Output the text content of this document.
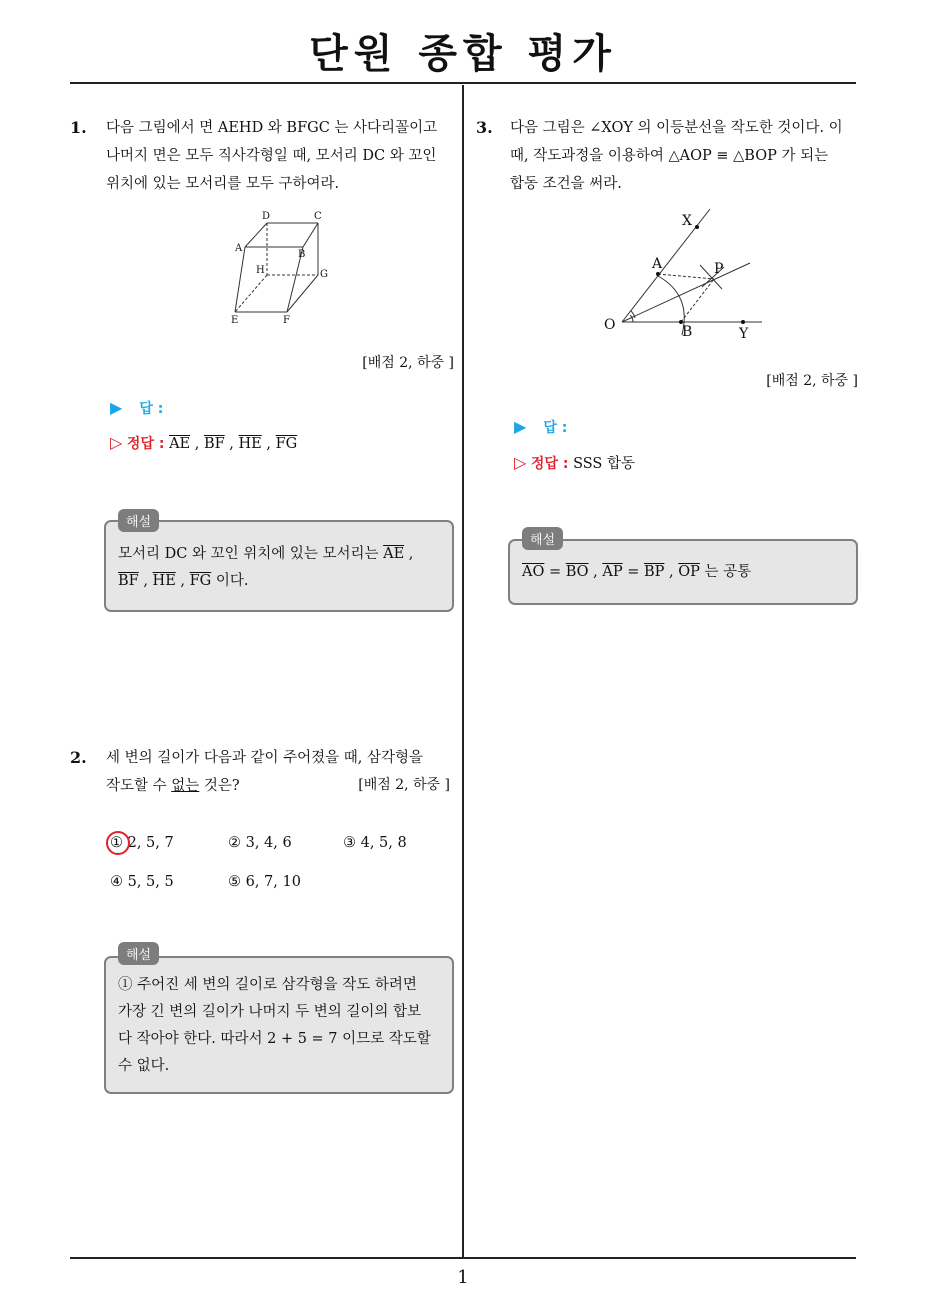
단원 종합 평가
1
1. 다음 그림에서 면 AEHD 와 BFGC 는 사다리꼴이고
나머지 면은 모두 직사각형일 때, 모서리 DC 와 꼬인
위치에 있는 모서리를 모두 구하여라.
D	C
A
B
H	G
E	F
[배점 2, 하중 ]
▶ 답 :
▷ 정답 : $\overline{AE}$ , $\overline{BF}$ , $\overline{HE}$ , $\overline{FG}$
모서리 DC 와 꼬인 위치에 있는 모서리는 $\overline{AE}$ ,
$\overline{BF}$ , $\overline{HE}$ , $\overline{FG}$ 이다.
해설
2. 세 변의 길이가 다음과 같이 주어졌을 때, 삼각형을
작도할 수 없는 것은?	[배점 2, 하중 ]
① 2, 5, 7	② 3, 4, 6	③ 4, 5, 8
④ 5, 5, 5	⑤ 6, 7, 10
① 주어진 세 변의 길이로 삼각형을 작도 하려면
가장 긴 변의 길이가 나머지 두 변의 길이의 합보
다 작아야 한다. 따라서 2 + 5 = 7 이므로 작도할
수 없다.
해설
3. 다음 그림은 ∠XOY 의 이등분선을 작도한 것이다. 이
때, 작도과정을 이용하여 △AOP ≡ △BOP 가 되는
합동 조건을 써라.
X
A	P
O	B	Y
[배점 2, 하중 ]
▶ 답 :
▷ 정답 : SSS 합동
$\overline{AO} = \overline{BO}$ , $\overline{AP} = \overline{BP}$ , $\overline{OP}$ 는 공통
해설
